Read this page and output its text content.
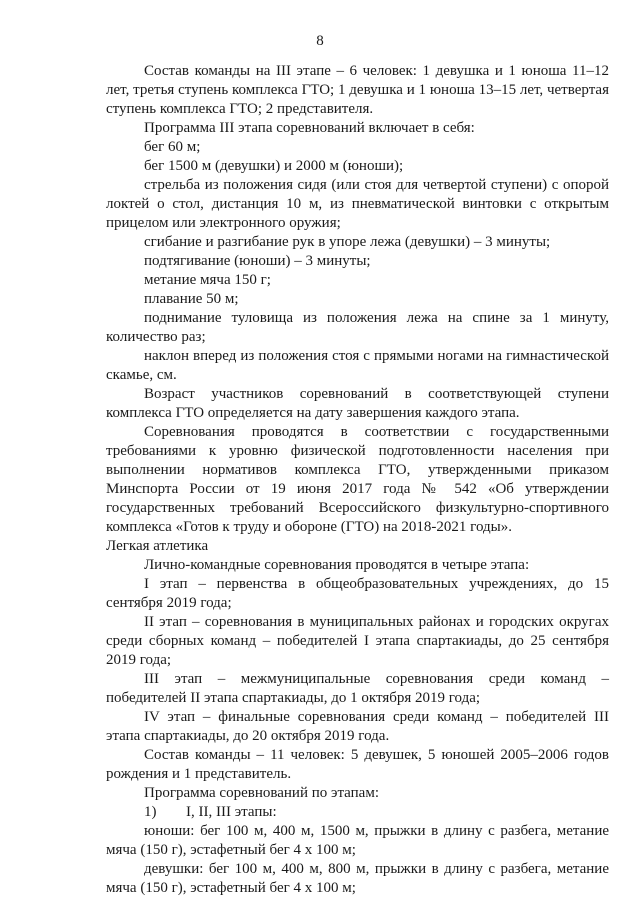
8

Состав команды на III этапе – 6 человек: 1 девушка и 1 юноша 11–12 лет, третья ступень комплекса ГТО; 1 девушка и 1 юноша 13–15 лет, четвертая ступень комплекса ГТО; 2 представителя.

Программа III этапа соревнований включает в себя:

бег 60 м;

бег 1500 м (девушки) и 2000 м (юноши);

стрельба из положения сидя (или стоя для четвертой ступени) с опорой локтей о стол, дистанция 10 м, из пневматической винтовки с открытым прицелом или электронного оружия;

сгибание и разгибание рук в упоре лежа (девушки) – 3 минуты;

подтягивание (юноши) – 3 минуты;

метание мяча 150 г;

плавание 50 м;

поднимание туловища из положения лежа на спине за 1 минуту, количество раз;

наклон вперед из положения стоя с прямыми ногами на гимнастической скамье, см.

Возраст участников соревнований в соответствующей ступени комплекса ГТО определяется на дату завершения каждого этапа.

Соревнования проводятся в соответствии с государственными требованиями к уровню физической подготовленности населения при выполнении нормативов комплекса ГТО, утвержденными приказом Минспорта России от 19 июня 2017 года № 542 «Об утверждении государственных требований Всероссийского физкультурно-спортивного комплекса «Готов к труду и обороне (ГТО) на 2018-2021 годы».

Легкая атлетика

Лично-командные соревнования проводятся в четыре этапа:

I этап – первенства в общеобразовательных учреждениях, до 15 сентября 2019 года;

II этап – соревнования в муниципальных районах и городских округах среди сборных команд – победителей I этапа спартакиады, до 25 сентября 2019 года;

III этап – межмуниципальные соревнования среди команд – победителей II этапа спартакиады, до 1 октября 2019 года;

IV этап – финальные соревнования среди команд – победителей III этапа спартакиады, до 20 октября 2019 года.

Состав команды – 11 человек: 5 девушек, 5 юношей 2005–2006 годов рождения и 1 представитель.

Программа соревнований по этапам:

1)	I, II, III этапы:

юноши: бег 100 м, 400 м, 1500 м, прыжки в длину с разбега, метание мяча (150 г), эстафетный бег 4 х 100 м;

девушки: бег 100 м, 400 м, 800 м, прыжки в длину с разбега, метание мяча (150 г), эстафетный бег 4 х 100 м;
